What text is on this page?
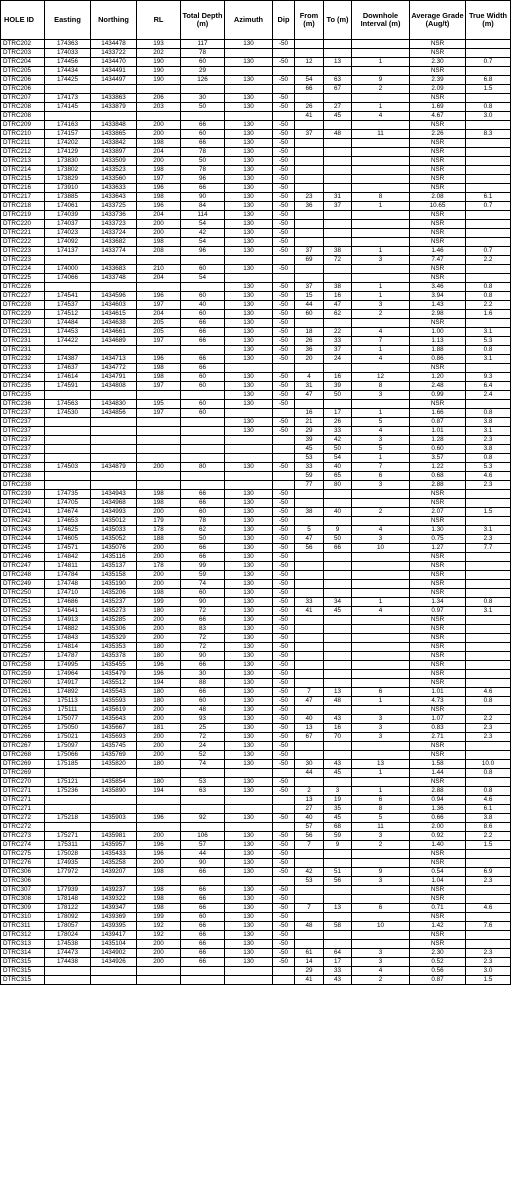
HOLE ID	Easting	Northing	RL	Total Depth (m)	Azimuth	Dip	From (m)	To (m)	Downhole Interval (m)	Average Grade (Aug/t)	True Width (m)
DTRC202	174363	1434478	193	117	130	-50				NSR	
DTRC203	174033	1433722	202	78						NSR	
DTRC204	174456	1434470	190	60	130	-50	12	13	1	2.30	0.7
DTRC205	174434	1434491	190	29						NSR	
DTRC206	174425	1434497	190	126	130	-50	54	63	9	2.39	6.8
DTRC206							66	67	2	2.09	1.5
DTRC207	174173	1433863	206	30	130	-50				NSR	
DTRC208	174145	1433879	203	50	130	-50	26	27	1	1.69	0.8
DTRC208							41	45	4	4.67	3.0
DTRC209	174163	1433848	200	66	130	-50				NSR	
DTRC210	174157	1433865	200	60	130	-50	37	48	11	2.26	8.3
DTRC211	174202	1433842	198	66	130	-50				NSR	
DTRC212	174129	1433897	204	78	130	-50				NSR	
DTRC213	173830	1433509	200	50	130	-50				NSR	
DTRC214	173802	1433523	198	78	130	-50				NSR	
DTRC215	173829	1433560	197	96	130	-50				NSR	
DTRC216	173910	1433633	196	66	130	-50				NSR	
DTRC217	173885	1433643	198	90	130	-50	23	31	8	2.08	6.1
DTRC218	174061	1433725	196	84	130	-50	36	37	1	10.65	0.7
DTRC219	174039	1433736	204	114	130	-50				NSR	
DTRC220	174037	1433723	200	54	130	-50				NSR	
DTRC221	174023	1433724	200	42	130	-50				NSR	
DTRC222	174092	1433682	198	54	130	-50				NSR	
DTRC223	174137	1433774	208	96	130	-50	37	38	1	1.46	0.7
DTRC223							69	72	3	7.47	2.2
DTRC224	174000	1433683	210	60	130	-50				NSR	
DTRC225	174066	1433748	204	54						NSR	
DTRC226					130	-50	37	38	1	3.46	0.8
DTRC227	174541	1434596	196	60	130	-50	15	16	1	3.94	0.8
DTRC228	174537	1434603	197	40	130	-50	44	47	3	1.43	2.2
DTRC229	174512	1434615	204	60	130	-50	60	62	2	2.98	1.6
DTRC230	174484	1434638	205	66	130	-50				NSR	
DTRC231	174453	1434661	205	66	130	-50	18	22	4	1.00	3.1
DTRC231	174422	1434689	197	66	130	-50	26	33	7	1.13	5.3
DTRC231					130	-50	36	37	1	1.88	0.8
DTRC232	174387	1434713	196	66	130	-50	20	24	4	0.86	3.1
DTRC233	174637	1434772	198	66						NSR	
DTRC234	174614	1434791	198	60	130	-50	4	16	12	1.20	9.3
DTRC235	174591	1434808	197	60	130	-50	31	39	8	2.48	6.4
DTRC235					130	-50	47	50	3	0.99	2.4
DTRC236	174563	1434830	195	60	130	-50				NSR	
DTRC237	174530	1434856	197	60			16	17	1	1.66	0.8
DTRC237					130	-50	21	26	5	0.87	3.8
DTRC237					130	-50	29	33	4	1.01	3.1
DTRC237							39	42	3	1.28	2.3
DTRC237							45	50	5	0.60	3.8
DTRC237							53	54	1	3.57	0.8
DTRC238	174503	1434879	200	80	130	-50	33	40	7	1.22	5.3
DTRC238							59	65	6	0.68	4.6
DTRC238							77	80	3	2.88	2.3
DTRC239	174735	1434943	198	66	130	-50				NSR	
DTRC240	174705	1434968	198	66	130	-50				NSR	
DTRC241	174674	1434993	200	60	130	-50	38	40	2	2.07	1.5
DTRC242	174653	1435012	179	78	130	-50				NSR	
DTRC243	174625	1435033	178	62	130	-50	5	9	4	1.30	3.1
DTRC244	174605	1435052	188	50	130	-50	47	50	3	0.75	2.3
DTRC245	174571	1435076	200	66	130	-50	56	66	10	1.27	7.7
DTRC246	174842	1435116	200	66	130	-50				NSR	
DTRC247	174811	1435137	178	99	130	-50				NSR	
DTRC248	174784	1435158	200	59	130	-50				NSR	
DTRC249	174748	1435190	200	74	130	-50				NSR	
DTRC250	174710	1435206	198	60	130	-50				NSR	
DTRC251	174686	1435237	199	90	130	-50	33	34	1	1.34	0.8
DTRC252	174641	1435273	180	72	130	-50	41	45	4	0.97	3.1
DTRC253	174913	1435285	200	66	130	-50				NSR	
DTRC254	174882	1435306	200	83	130	-50				NSR	
DTRC255	174843	1435329	200	72	130	-50				NSR	
DTRC256	174814	1435353	180	72	130	-50				NSR	
DTRC257	174787	1435378	180	90	130	-50				NSR	
DTRC258	174995	1435455	196	66	130	-50				NSR	
DTRC259	174964	1435479	196	30	130	-50				NSR	
DTRC260	174917	1435512	194	88	130	-50				NSR	
DTRC261	174892	1435543	180	66	130	-50	7	13	6	1.01	4.6
DTRC262	175113	1435593	180	60	130	-50	47	48	1	4.73	0.8
DTRC263	175111	1435619	200	48	130	-50				NSR	
DTRC264	175077	1435643	200	93	130	-50	40	43	3	1.07	2.2
DTRC265	175050	1435667	181	25	130	-50	13	16	3	0.83	2.3
DTRC266	175021	1435693	200	72	130	-50	67	70	3	2.71	2.3
DTRC267	175097	1435745	200	24	130	-50				NSR	
DTRC268	175066	1435769	200	52	130	-50				NSR	
DTRC269	175185	1435820	180	74	130	-50	30	43	13	1.58	10.0
DTRC269							44	45	1	1.44	0.8
DTRC270	175121	1435854	180	53	130	-50				NSR	
DTRC271	175236	1435890	194	63	130	-50	2	3	1	2.88	0.8
DTRC271							13	19	6	0.94	4.6
DTRC271							27	35	8	1.36	6.1
DTRC272	175218	1435903	196	92	130	-50	40	45	5	0.66	3.8
DTRC272							57	68	11	2.00	8.6
DTRC273	175271	1435981	200	106	130	-50	56	59	3	0.92	2.2
DTRC274	175311	1435957	196	57	130	-50	7	9	2	1.40	1.5
DTRC275	175028	1435433	196	44	130	-50				NSR	
DTRC276	174935	1435258	200	90	130	-50				NSR	
DTRC306	177972	1439207	198	66	130	-50	42	51	9	0.54	6.9
DTRC306							53	56	3	1.04	2.3
DTRC307	177939	1439237	198	66	130	-50				NSR	
DTRC308	178148	1439322	198	66	130	-50				NSR	
DTRC309	178122	1439347	198	66	130	-50	7	13	6	0.71	4.6
DTRC310	178092	1439369	199	60	130	-50				NSR	
DTRC311	178057	1439395	192	66	130	-50	48	58	10	1.42	7.6
DTRC312	178024	1439417	192	66	130	-50				NSR	
DTRC313	174538	1435104	200	66	130	-50				NSR	
DTRC314	174473	1434902	200	66	130	-50	61	64	3	2.30	2.3
DTRC315	174438	1434926	200	66	130	-50	14	17	3	0.52	2.3
DTRC315							29	33	4	0.56	3.0
DTRC315							41	43	2	0.87	1.5
